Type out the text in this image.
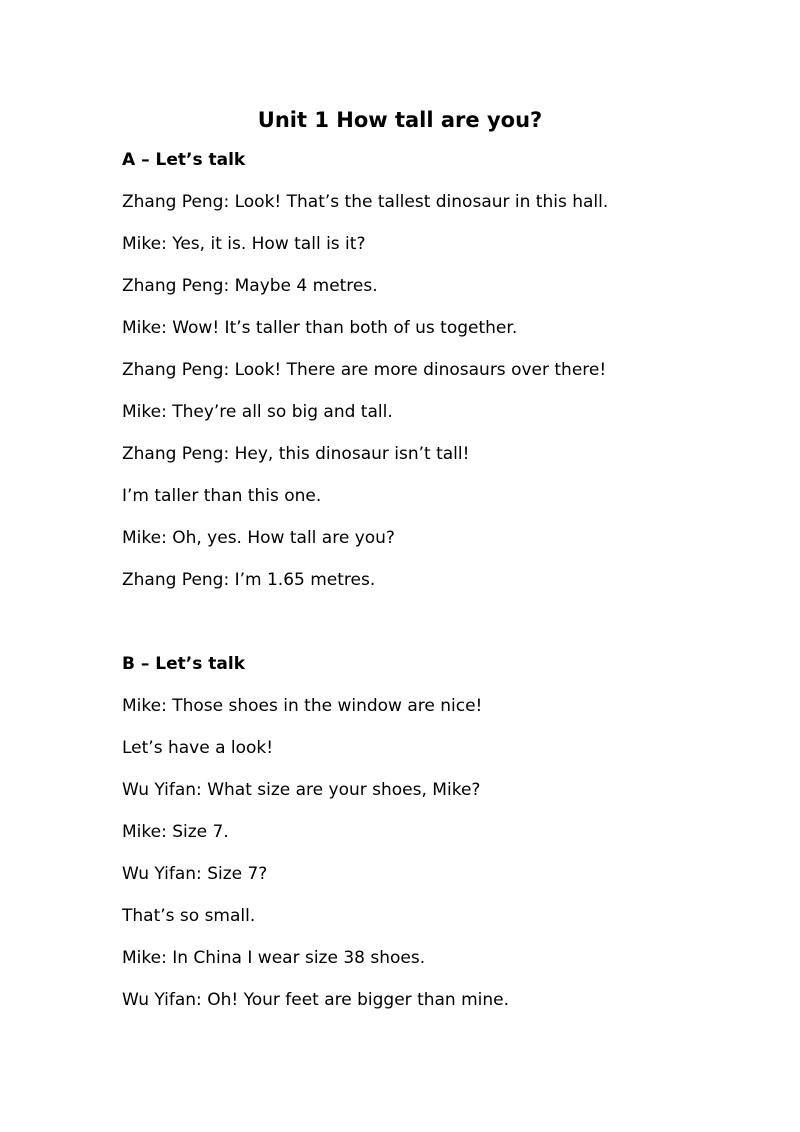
Unit 1 How tall are you?
A – Let’s talk
Zhang Peng: Look! That’s the tallest dinosaur in this hall.
Mike: Yes, it is. How tall is it?
Zhang Peng: Maybe 4 metres.
Mike: Wow! It’s taller than both of us together.
Zhang Peng: Look! There are more dinosaurs over there!
Mike: They’re all so big and tall.
Zhang Peng: Hey, this dinosaur isn’t tall!
I’m taller than this one.
Mike: Oh, yes. How tall are you?
Zhang Peng: I’m 1.65 metres.
B – Let’s talk
Mike: Those shoes in the window are nice!
Let’s have a look!
Wu Yifan: What size are your shoes, Mike?
Mike: Size 7.
Wu Yifan: Size 7?
That’s so small.
Mike: In China I wear size 38 shoes.
Wu Yifan: Oh! Your feet are bigger than mine.
